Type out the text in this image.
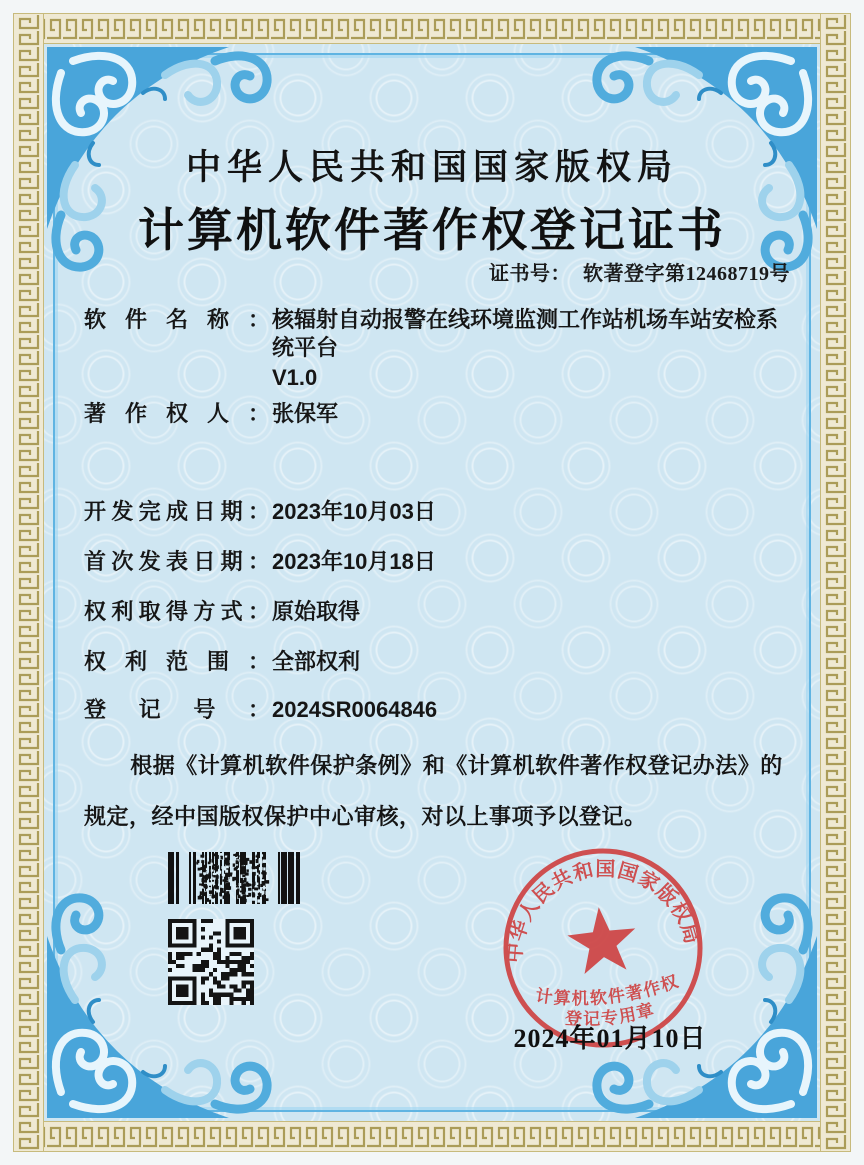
中华人民共和国国家版权局
计算机软件著作权登记证书
证书号： 软著登字第12468719号
软件名称： 核辐射自动报警在线环境监测工作站机场车站安检系统平台
V1.0
著作权人： 张保军
开发完成日期： 2023年10月03日
首次发表日期： 2023年10月18日
权利取得方式： 原始取得
权利范围： 全部权利
登记号： 2024SR0064846
根据《计算机软件保护条例》和《计算机软件著作权登记办法》的规定，经中国版权保护中心审核，对以上事项予以登记。
中华人民共和国国家版权局
计算机软件著作权
登记专用章
2024年01月10日
